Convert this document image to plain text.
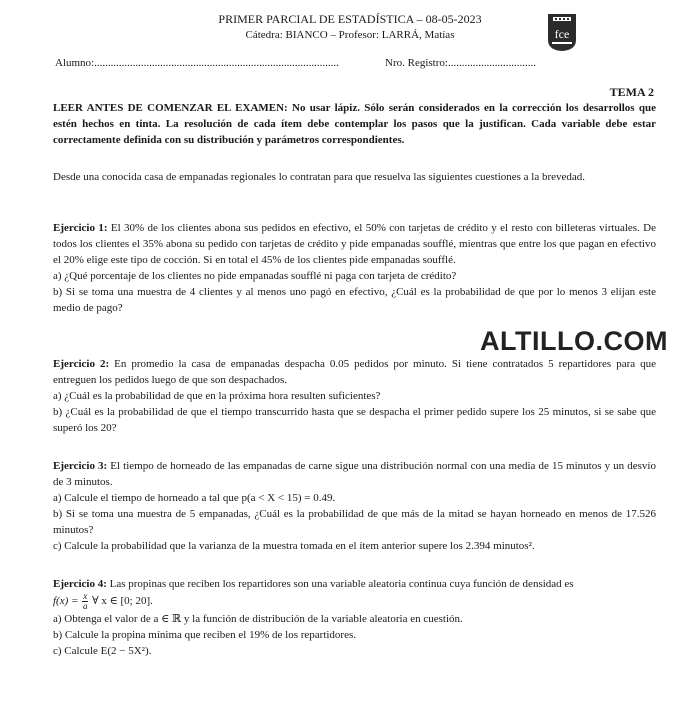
PRIMER PARCIAL DE ESTADÍSTICA – 08-05-2023
Cátedra: BIANCO – Profesor: LARRÁ, Matías	fce
Alumno:.........................................................................................	Nro. Registro:................................
TEMA 2
LEER ANTES DE COMENZAR EL EXAMEN: No usar lápiz. Sólo serán considerados en la corrección los desarrollos que estén hechos en tinta. La resolución de cada ítem debe contemplar los pasos que la justifican. Cada variable debe estar correctamente definida con su distribución y parámetros correspondientes.
Desde una conocida casa de empanadas regionales lo contratan para que resuelva las siguientes cuestiones a la brevedad.
Ejercicio 1: El 30% de los clientes abona sus pedidos en efectivo, el 50% con tarjetas de crédito y el resto con billeteras virtuales. De todos los clientes el 35% abona su pedido con tarjetas de crédito y pide empanadas soufflé, mientras que entre los que pagan en efectivo el 20% elige este tipo de cocción. Si en total el 45% de los clientes pide empanadas soufflé.
a) ¿Qué porcentaje de los clientes no pide empanadas soufflé ni paga con tarjeta de crédito?
b) Si se toma una muestra de 4 clientes y al menos uno pagó en efectivo, ¿Cuál es la probabilidad de que por lo menos 3 elijan este medio de pago?
ALTILLO.COM
Ejercicio 2: En promedio la casa de empanadas despacha 0.05 pedidos por minuto. Si tiene contratados 5 repartidores para que entreguen los pedidos luego de que son despachados.
a) ¿Cuál es la probabilidad de que en la próxima hora resulten suficientes?
b) ¿Cuál es la probabilidad de que el tiempo transcurrido hasta que se despacha el primer pedido supere los 25 minutos, si se sabe que superó los 20?
Ejercicio 3: El tiempo de horneado de las empanadas de carne sigue una distribución normal con una media de 15 minutos y un desvío de 3 minutos.
a) Calcule el tiempo de horneado a tal que p(a < X < 15) = 0.49.
b) Si se toma una muestra de 5 empanadas, ¿Cuál es la probabilidad de que más de la mitad se hayan horneado en menos de 17.526 minutos?
c) Calcule la probabilidad que la varianza de la muestra tomada en el ítem anterior supere los 2.394 minutos².
Ejercicio 4: Las propinas que reciben los repartidores son una variable aleatoria continua cuya función de densidad es
$f(x) = \frac{x}{a}$ ∀ x ∈ [0; 20].
a) Obtenga el valor de a ∈ ℝ y la función de distribución de la variable aleatoria en cuestión.
b) Calcule la propina mínima que reciben el 19% de los repartidores.
c) Calcule E(2 − 5X²).
